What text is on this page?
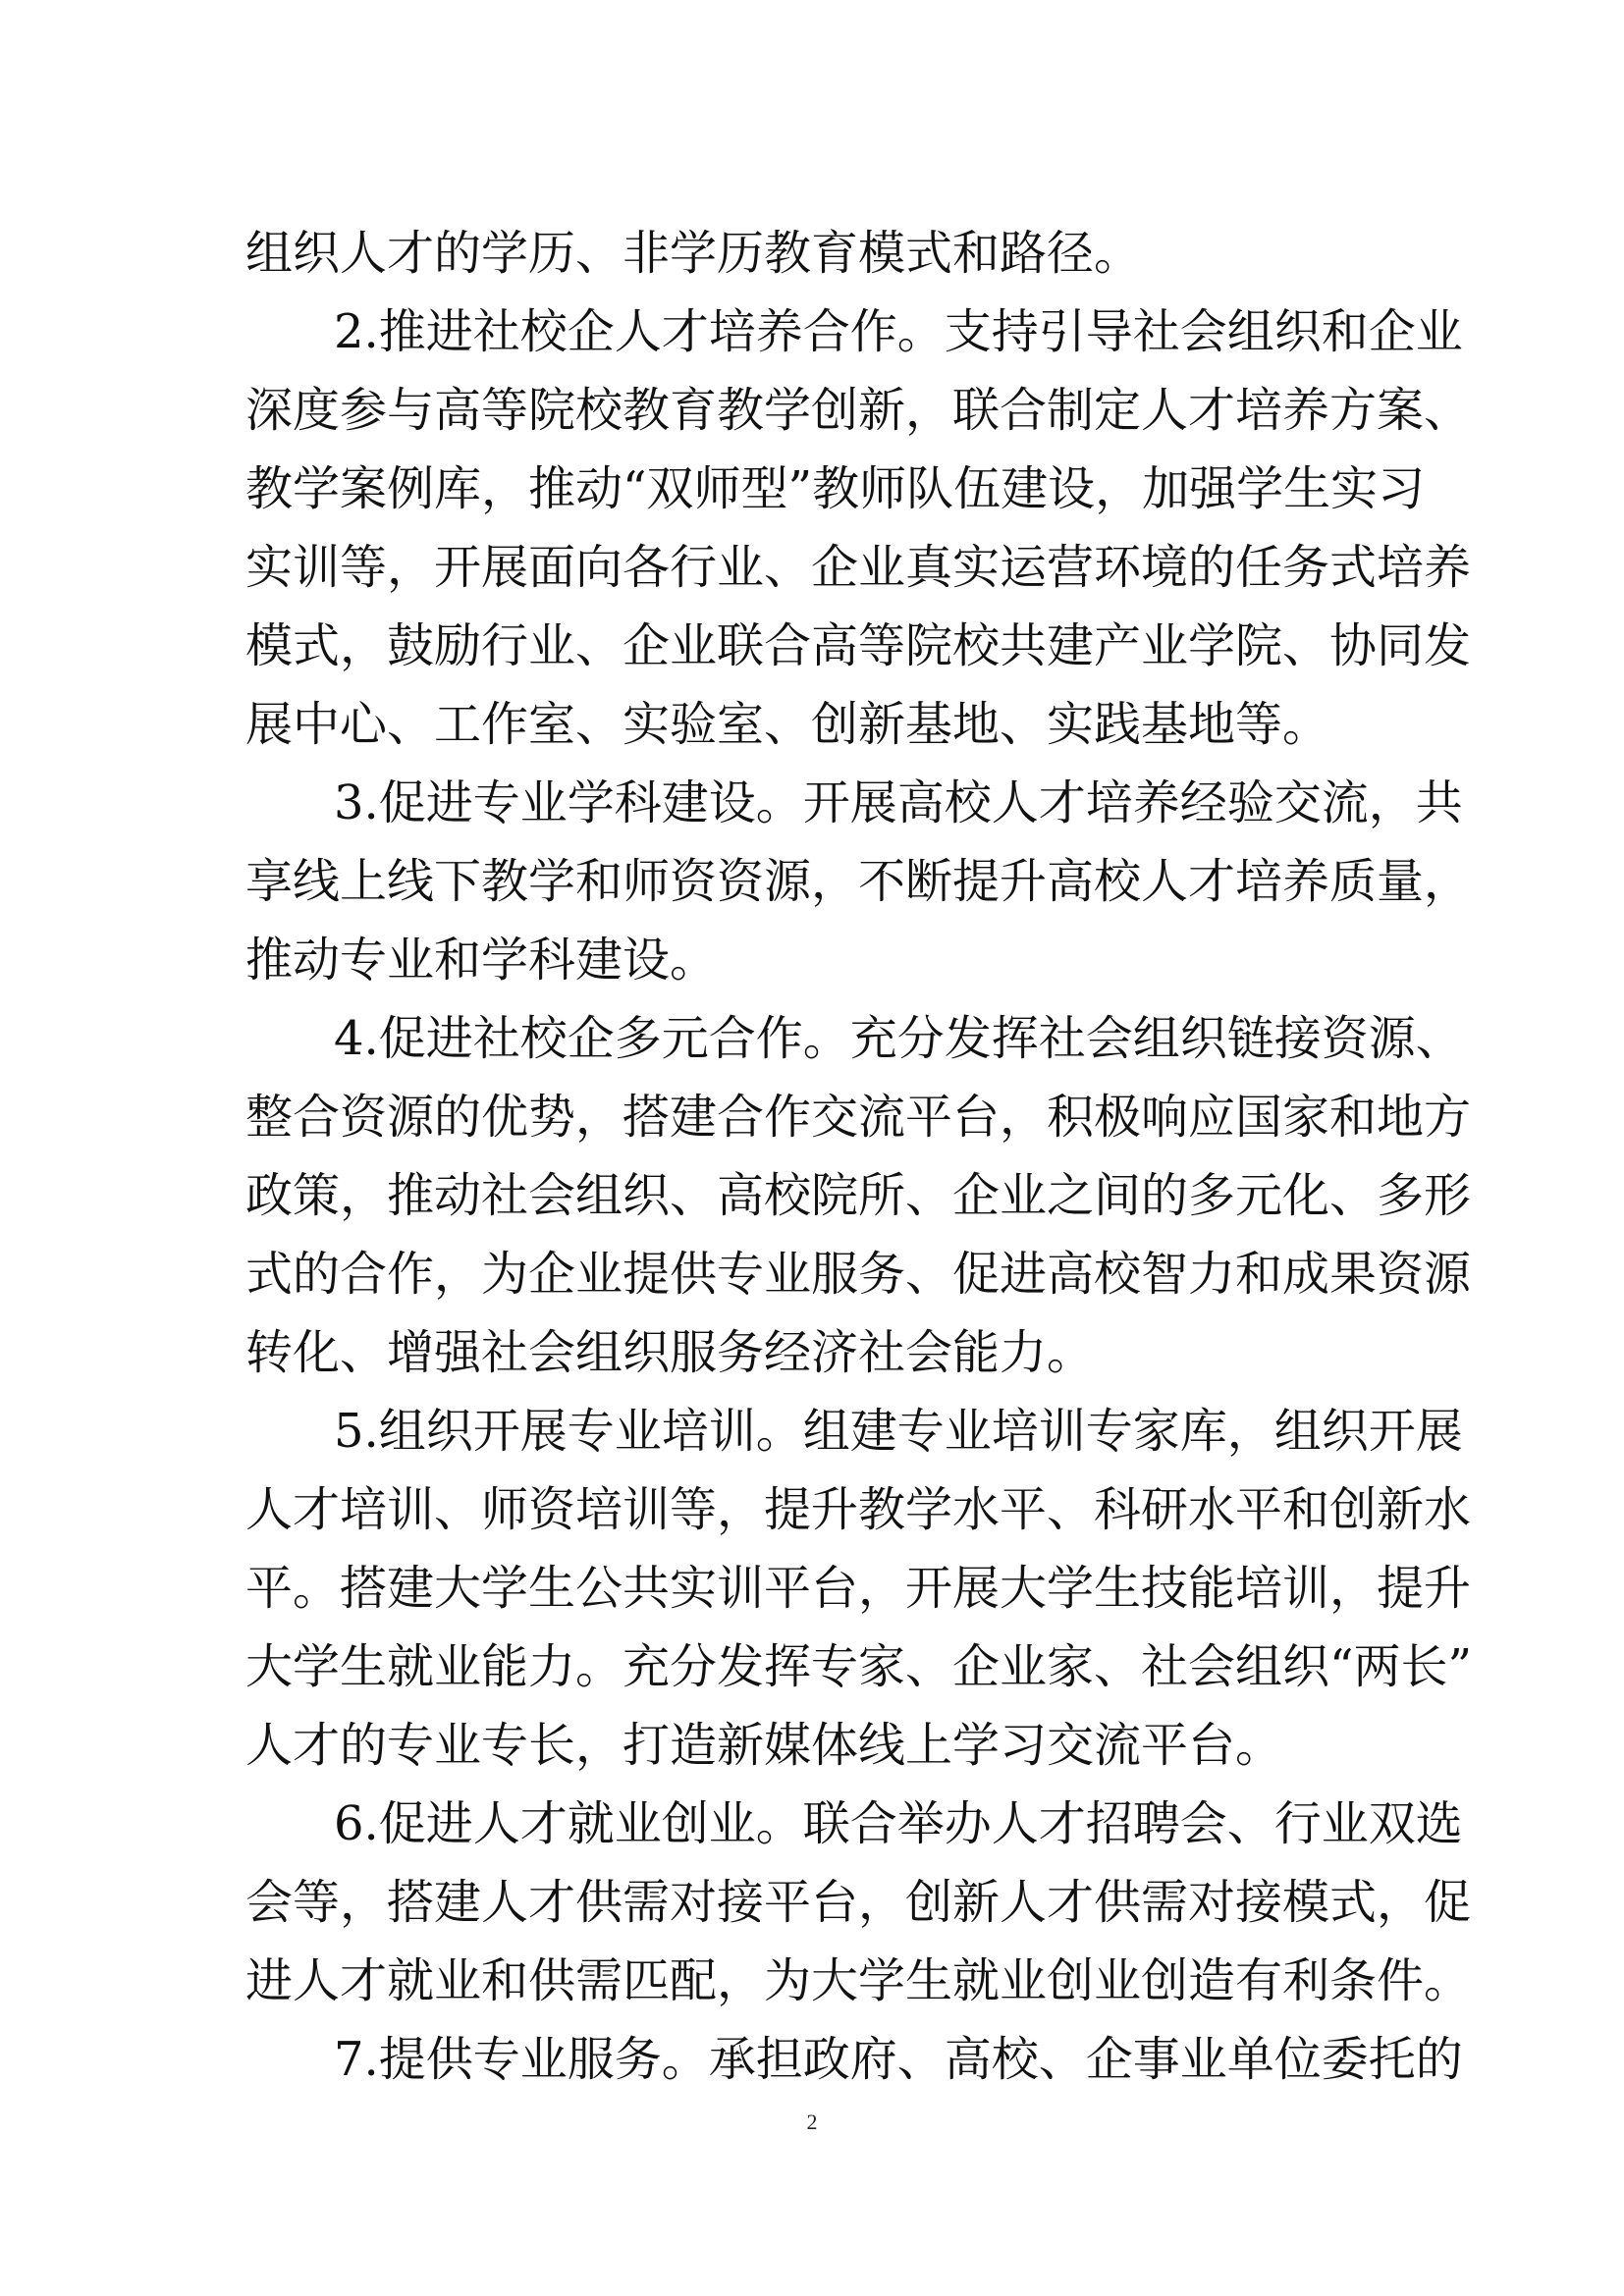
组织人才的学历、非学历教育模式和路径。
2.推进社校企人才培养合作。支持引导社会组织和企业
深度参与高等院校教育教学创新，联合制定人才培养方案、
教学案例库，推动“双师型”教师队伍建设，加强学生实习
实训等，开展面向各行业、企业真实运营环境的任务式培养
模式，鼓励行业、企业联合高等院校共建产业学院、协同发
展中心、工作室、实验室、创新基地、实践基地等。
3.促进专业学科建设。开展高校人才培养经验交流，共
享线上线下教学和师资资源，不断提升高校人才培养质量，
推动专业和学科建设。
4.促进社校企多元合作。充分发挥社会组织链接资源、
整合资源的优势，搭建合作交流平台，积极响应国家和地方
政策，推动社会组织、高校院所、企业之间的多元化、多形
式的合作，为企业提供专业服务、促进高校智力和成果资源
转化、增强社会组织服务经济社会能力。
5.组织开展专业培训。组建专业培训专家库，组织开展
人才培训、师资培训等，提升教学水平、科研水平和创新水
平。搭建大学生公共实训平台，开展大学生技能培训，提升
大学生就业能力。充分发挥专家、企业家、社会组织“两长”
人才的专业专长，打造新媒体线上学习交流平台。
6.促进人才就业创业。联合举办人才招聘会、行业双选
会等，搭建人才供需对接平台，创新人才供需对接模式，促
进人才就业和供需匹配，为大学生就业创业创造有利条件。
7.提供专业服务。承担政府、高校、企事业单位委托的
2
